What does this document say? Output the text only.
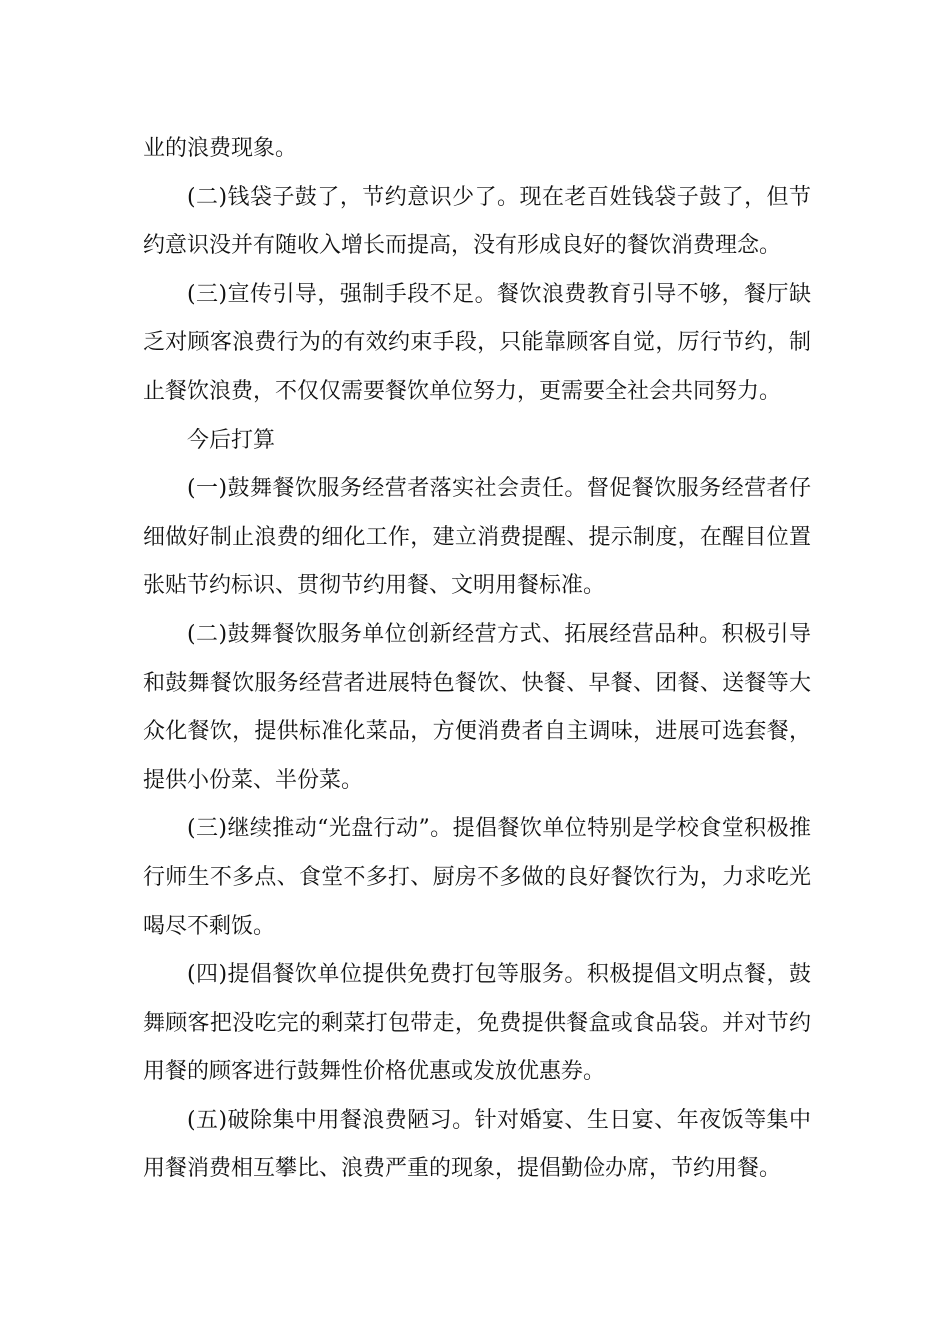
业的浪费现象。

(二)钱袋子鼓了，节约意识少了。现在老百姓钱袋子鼓了，但节约意识没并有随收入增长而提高，没有形成良好的餐饮消费理念。

(三)宣传引导，强制手段不足。餐饮浪费教育引导不够，餐厅缺乏对顾客浪费行为的有效约束手段，只能靠顾客自觉，厉行节约，制止餐饮浪费，不仅仅需要餐饮单位努力，更需要全社会共同努力。

今后打算

(一)鼓舞餐饮服务经营者落实社会责任。督促餐饮服务经营者仔细做好制止浪费的细化工作，建立消费提醒、提示制度，在醒目位置张贴节约标识、贯彻节约用餐、文明用餐标准。

(二)鼓舞餐饮服务单位创新经营方式、拓展经营品种。积极引导和鼓舞餐饮服务经营者进展特色餐饮、快餐、早餐、团餐、送餐等大众化餐饮，提供标准化菜品，方便消费者自主调味，进展可选套餐，提供小份菜、半份菜。

(三)继续推动“光盘行动”。提倡餐饮单位特别是学校食堂积极推行师生不多点、食堂不多打、厨房不多做的良好餐饮行为，力求吃光喝尽不剩饭。

(四)提倡餐饮单位提供免费打包等服务。积极提倡文明点餐，鼓舞顾客把没吃完的剩菜打包带走，免费提供餐盒或食品袋。并对节约用餐的顾客进行鼓舞性价格优惠或发放优惠券。

(五)破除集中用餐浪费陋习。针对婚宴、生日宴、年夜饭等集中用餐消费相互攀比、浪费严重的现象，提倡勤俭办席，节约用餐。
